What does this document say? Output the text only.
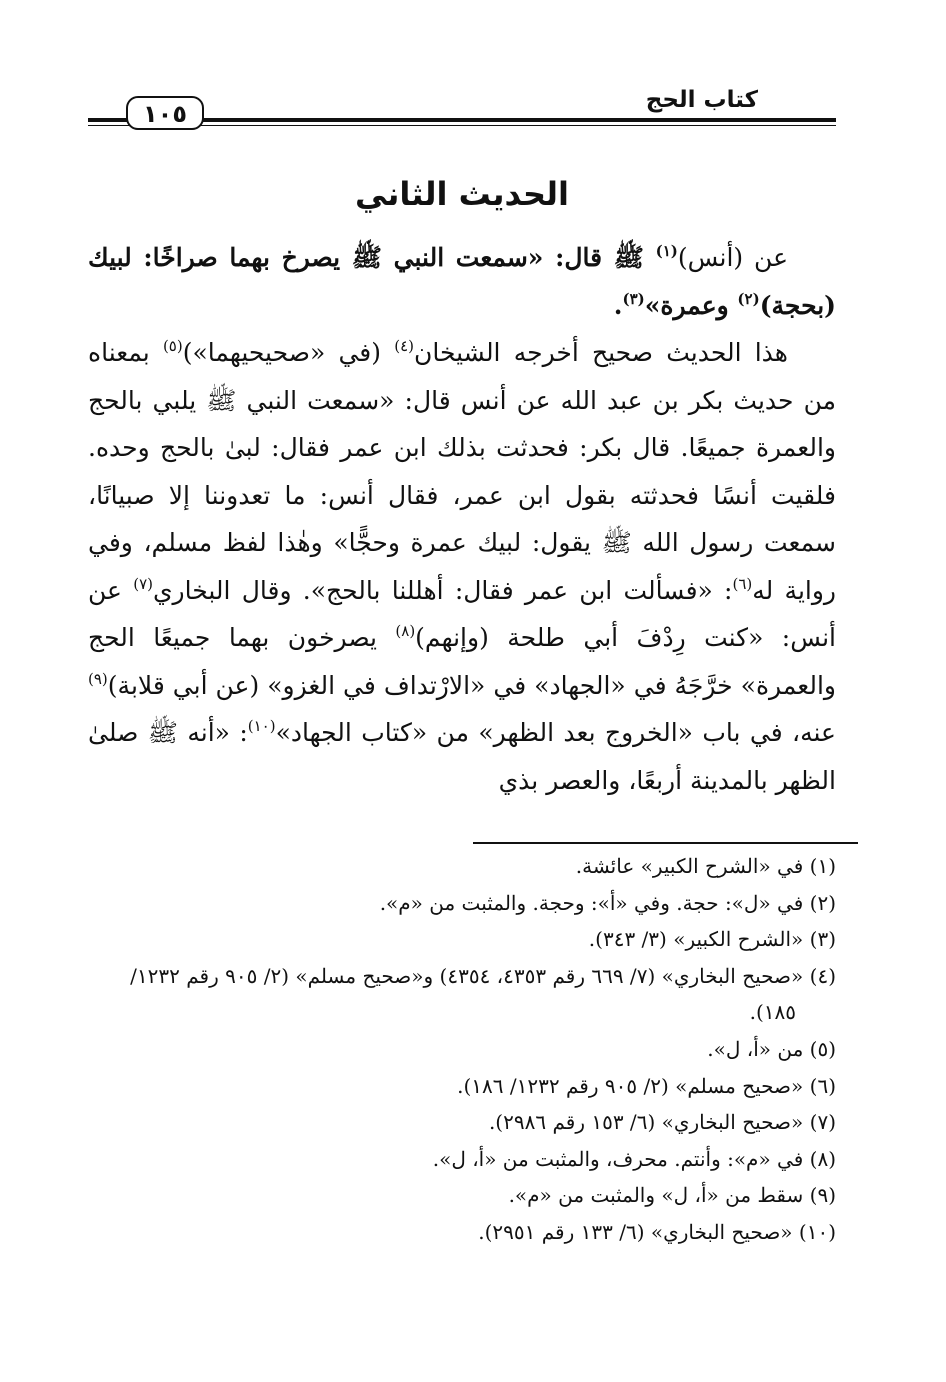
كتاب الحج
١٠٥
الحديث الثاني

عن (أنس)$^{(١)}$ ﷺ قال: «سمعت النبي ﷺ يصرخ بهما صراخًا: لبيك (بحجة)$^{(٢)}$ وعمرة»$^{(٣)}$.

هذا الحديث صحيح أخرجه الشيخان$^{(٤)}$ (في «صحيحيهما»)$^{(٥)}$ بمعناه من حديث بكر بن عبد الله عن أنس قال: «سمعت النبي ﷺ يلبي بالحج والعمرة جميعًا. قال بكر: فحدثت بذلك ابن عمر فقال: لبىٰ بالحج وحده. فلقيت أنسًا فحدثته بقول ابن عمر، فقال أنس: ما تعدوننا إلا صبيانًا، سمعت رسول الله ﷺ يقول: لبيك عمرة وحجًّا» وهٰذا لفظ مسلم، وفي رواية له$^{(٦)}$: «فسألت ابن عمر فقال: أهللنا بالحج». وقال البخاري$^{(٧)}$ عن أنس: «كنت رِدْفَ أبي طلحة (وإنهم)$^{(٨)}$ يصرخون بهما جميعًا الحج والعمرة» خرَّجَهُ في «الجهاد» في «الارْتداف في الغزو» (عن أبي قلابة)$^{(٩)}$ عنه، في باب «الخروج بعد الظهر» من «كتاب الجهاد»$^{(١٠)}$: «أنه ﷺ صلىٰ الظهر بالمدينة أربعًا، والعصر بذي

(١) في «الشرح الكبير» عائشة.

(٢) في «ل»: حجة. وفي «أ»: وحجة. والمثبت من «م».

(٣) «الشرح الكبير» (٣/ ٣٤٣).

(٤) «صحيح البخاري» (٧/ ٦٦٩ رقم ٤٣٥٣، ٤٣٥٤) و«صحيح مسلم» (٢/ ٩٠٥ رقم ١٢٣٢/ ١٨٥).

(٥) من «أ، ل».

(٦) «صحيح مسلم» (٢/ ٩٠٥ رقم ١٢٣٢/ ١٨٦).

(٧) «صحيح البخاري» (٦/ ١٥٣ رقم ٢٩٨٦).

(٨) في «م»: وأنتم. محرف، والمثبت من «أ، ل».

(٩) سقط من «أ، ل» والمثبت من «م».

(١٠) «صحيح البخاري» (٦/ ١٣٣ رقم ٢٩٥١).
